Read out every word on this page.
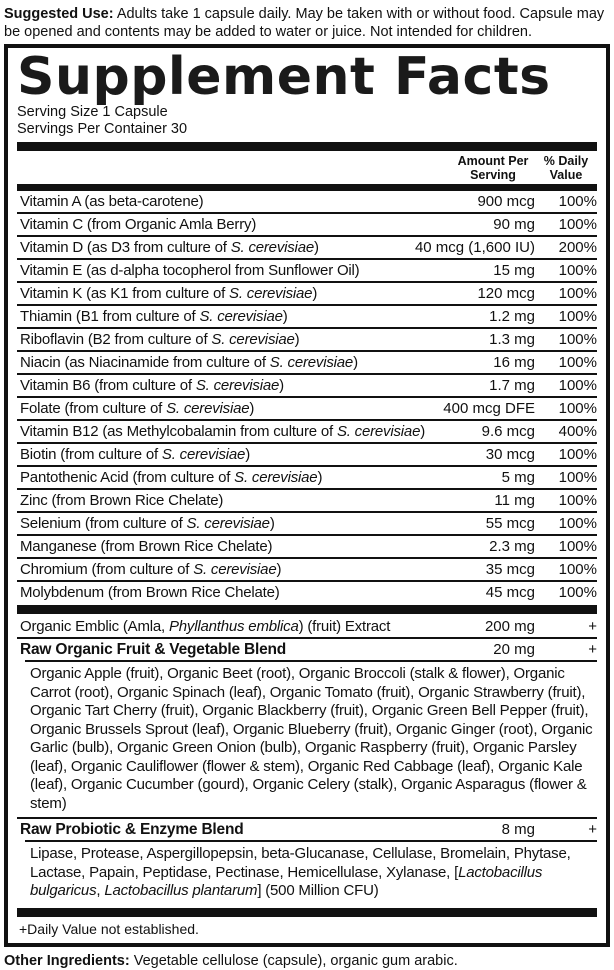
Suggested Use: Adults take 1 capsule daily. May be taken with or without food. Capsule may be opened and contents may be added to water or juice. Not intended for children.

Supplement Facts
Serving Size 1 Capsule
Servings Per Container 30
Amount Per Serving
% Daily Value
Vitamin A (as beta-carotene)	900 mcg	100%
Vitamin C (from Organic Amla Berry)	90 mg	100%
Vitamin D (as D3 from culture of S. cerevisiae)	40 mcg (1,600 IU)	200%
Vitamin E (as d-alpha tocopherol from Sunflower Oil)	15 mg	100%
Vitamin K (as K1 from culture of S. cerevisiae)	120 mcg	100%
Thiamin (B1 from culture of S. cerevisiae)	1.2 mg	100%
Riboflavin (B2 from culture of S. cerevisiae)	1.3 mg	100%
Niacin (as Niacinamide from culture of S. cerevisiae)	16 mg	100%
Vitamin B6 (from culture of S. cerevisiae)	1.7 mg	100%
Folate (from culture of S. cerevisiae)	400 mcg DFE	100%
Vitamin B12 (as Methylcobalamin from culture of S. cerevisiae)	9.6 mcg	400%
Biotin (from culture of S. cerevisiae)	30 mcg	100%
Pantothenic Acid (from culture of S. cerevisiae)	5 mg	100%
Zinc (from Brown Rice Chelate)	11 mg	100%
Selenium (from culture of S. cerevisiae)	55 mcg	100%
Manganese (from Brown Rice Chelate)	2.3 mg	100%
Chromium (from culture of S. cerevisiae)	35 mcg	100%
Molybdenum (from Brown Rice Chelate)	45 mcg	100%
Organic Emblic (Amla, Phyllanthus emblica) (fruit) Extract	200 mg	+
Raw Organic Fruit & Vegetable Blend	20 mg	+
Organic Apple (fruit), Organic Beet (root), Organic Broccoli (stalk & flower), Organic Carrot (root), Organic Spinach (leaf), Organic Tomato (fruit), Organic Strawberry (fruit), Organic Tart Cherry (fruit), Organic Blackberry (fruit), Organic Green Bell Pepper (fruit), Organic Brussels Sprout (leaf), Organic Blueberry (fruit), Organic Ginger (root), Organic Garlic (bulb), Organic Green Onion (bulb), Organic Raspberry (fruit), Organic Parsley (leaf), Organic Cauliflower (flower & stem), Organic Red Cabbage (leaf), Organic Kale (leaf), Organic Cucumber (gourd), Organic Celery (stalk), Organic Asparagus (flower & stem)
Raw Probiotic & Enzyme Blend	8 mg	+
Lipase, Protease, Aspergillopepsin, beta-Glucanase, Cellulase, Bromelain, Phytase, Lactase, Papain, Peptidase, Pectinase, Hemicellulase, Xylanase, [Lactobacillus bulgaricus, Lactobacillus plantarum] (500 Million CFU)
+Daily Value not established.

Other Ingredients: Vegetable cellulose (capsule), organic gum arabic.
